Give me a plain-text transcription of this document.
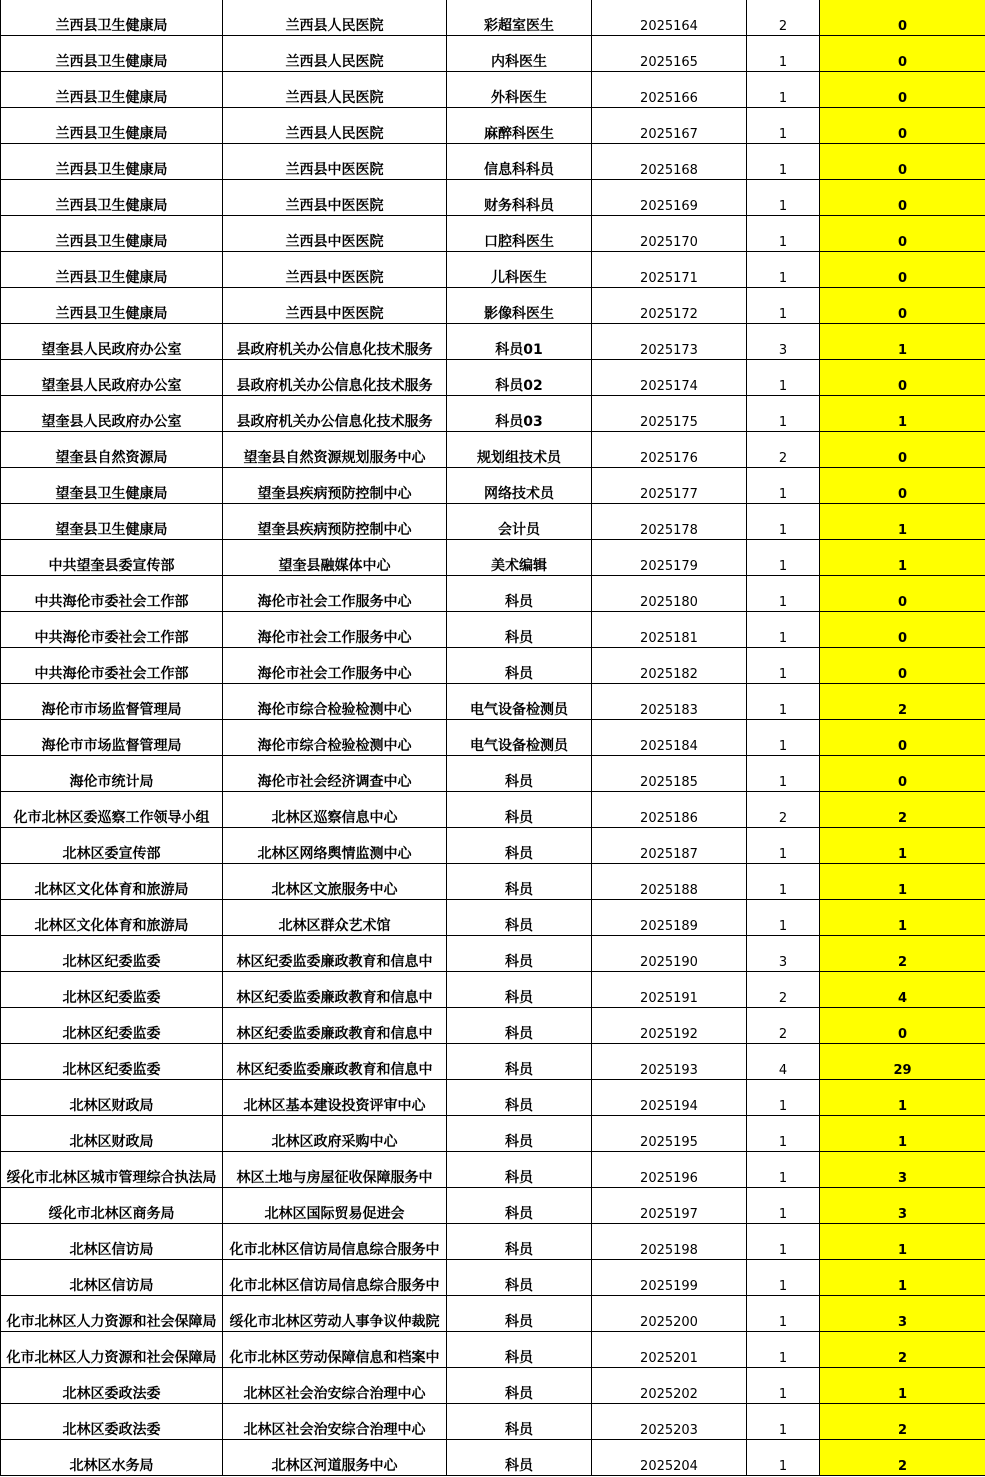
兰西县卫生健康局	兰西县人民医院	彩超室医生	2025164	2	0

兰西县卫生健康局	兰西县人民医院	内科医生	2025165	1	0

兰西县卫生健康局	兰西县人民医院	外科医生	2025166	1	0

兰西县卫生健康局	兰西县人民医院	麻醉科医生	2025167	1	0

兰西县卫生健康局	兰西县中医医院	信息科科员	2025168	1	0

兰西县卫生健康局	兰西县中医医院	财务科科员	2025169	1	0

兰西县卫生健康局	兰西县中医医院	口腔科医生	2025170	1	0

兰西县卫生健康局	兰西县中医医院	儿科医生	2025171	1	0

兰西县卫生健康局	兰西县中医医院	影像科医生	2025172	1	0

望奎县人民政府办公室	县政府机关办公信息化技术服务	科员01	2025173	3	1

望奎县人民政府办公室	县政府机关办公信息化技术服务	科员02	2025174	1	0

望奎县人民政府办公室	县政府机关办公信息化技术服务	科员03	2025175	1	1

望奎县自然资源局	望奎县自然资源规划服务中心	规划组技术员	2025176	2	0

望奎县卫生健康局	望奎县疾病预防控制中心	网络技术员	2025177	1	0

望奎县卫生健康局	望奎县疾病预防控制中心	会计员	2025178	1	1

中共望奎县委宣传部	望奎县融媒体中心	美术编辑	2025179	1	1

中共海伦市委社会工作部	海伦市社会工作服务中心	科员	2025180	1	0

中共海伦市委社会工作部	海伦市社会工作服务中心	科员	2025181	1	0

中共海伦市委社会工作部	海伦市社会工作服务中心	科员	2025182	1	0

海伦市市场监督管理局	海伦市综合检验检测中心	电气设备检测员	2025183	1	2

海伦市市场监督管理局	海伦市综合检验检测中心	电气设备检测员	2025184	1	0

海伦市统计局	海伦市社会经济调查中心	科员	2025185	1	0

化市北林区委巡察工作领导小组	北林区巡察信息中心	科员	2025186	2	2

北林区委宣传部	北林区网络舆情监测中心	科员	2025187	1	1

北林区文化体育和旅游局	北林区文旅服务中心	科员	2025188	1	1

北林区文化体育和旅游局	北林区群众艺术馆	科员	2025189	1	1

北林区纪委监委	林区纪委监委廉政教育和信息中	科员	2025190	3	2

北林区纪委监委	林区纪委监委廉政教育和信息中	科员	2025191	2	4

北林区纪委监委	林区纪委监委廉政教育和信息中	科员	2025192	2	0

北林区纪委监委	林区纪委监委廉政教育和信息中	科员	2025193	4	29

北林区财政局	北林区基本建设投资评审中心	科员	2025194	1	1

北林区财政局	北林区政府采购中心	科员	2025195	1	1

绥化市北林区城市管理综合执法局	林区土地与房屋征收保障服务中	科员	2025196	1	3

绥化市北林区商务局	北林区国际贸易促进会	科员	2025197	1	3

北林区信访局	化市北林区信访局信息综合服务中	科员	2025198	1	1

北林区信访局	化市北林区信访局信息综合服务中	科员	2025199	1	1

化市北林区人力资源和社会保障局	绥化市北林区劳动人事争议仲裁院	科员	2025200	1	3

化市北林区人力资源和社会保障局	化市北林区劳动保障信息和档案中	科员	2025201	1	2

北林区委政法委	北林区社会治安综合治理中心	科员	2025202	1	1

北林区委政法委	北林区社会治安综合治理中心	科员	2025203	1	2

北林区水务局	北林区河道服务中心	科员	2025204	1	2
